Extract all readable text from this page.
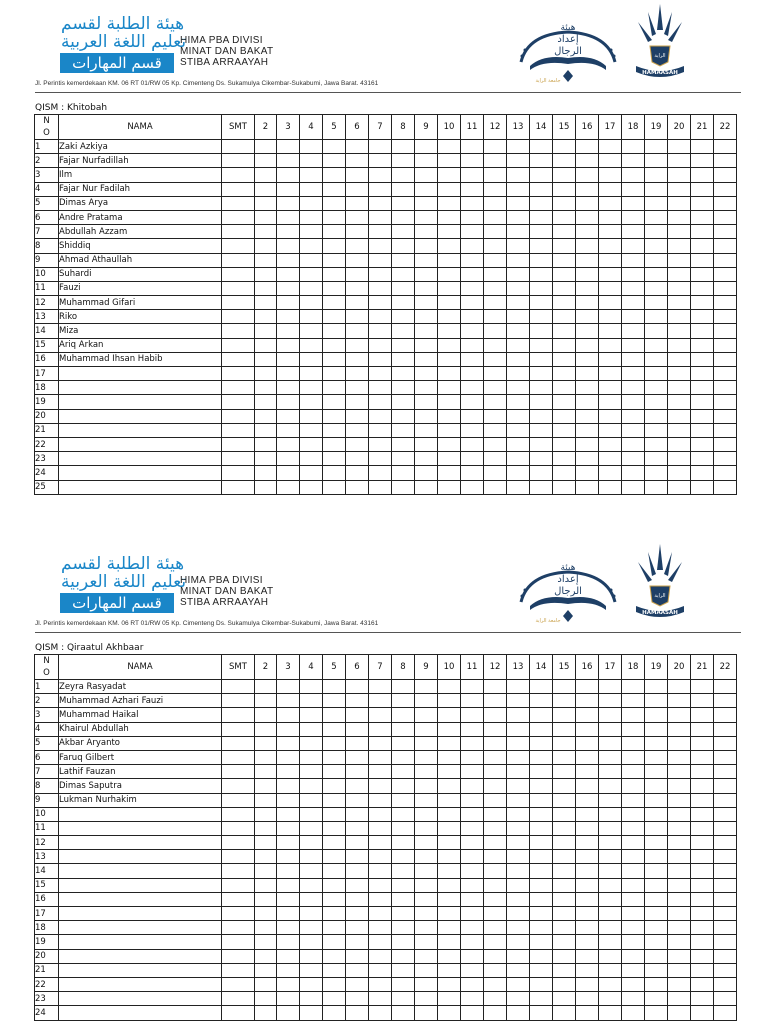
هيئة الطلبة لقسم
تعليم اللغة العربية
قسم المهارات
HIMA PBA DIVISI
MINAT DAN BAKAT
STIBA ARRAAYAH
Jl. Perintis kemerdekaan KM. 06 RT 01/RW 05 Kp. Cimenteng Ds. Sukamulya Cikembar-Sukabumi, Jawa Barat. 43161
هيئة
إعداد
الرجال
جامعة الراية
الراية
HAMAASAH
QISM : Khitobah
N O	NAMA	SMT	2	3	4	5	6	7	8	9	10	11	12	13	14	15	16	17	18	19	20	21	22
1	Zaki Azkiya																						
2	Fajar Nurfadillah																						
3	Ilm																						
4	Fajar Nur Fadilah																						
5	Dimas Arya																						
6	Andre Pratama																						
7	Abdullah Azzam																						
8	Shiddiq																						
9	Ahmad Athaullah																						
10	Suhardi																						
11	Fauzi																						
12	Muhammad Gifari																						
13	Riko																						
14	Miza																						
15	Ariq Arkan																						
16	Muhammad Ihsan Habib																						
17																							
18																							
19																							
20																							
21																							
22																							
23																							
24																							
25																							
هيئة الطلبة لقسم
تعليم اللغة العربية
قسم المهارات
HIMA PBA DIVISI
MINAT DAN BAKAT
STIBA ARRAAYAH
Jl. Perintis kemerdekaan KM. 06 RT 01/RW 05 Kp. Cimenteng Ds. Sukamulya Cikembar-Sukabumi, Jawa Barat. 43161
هيئة
إعداد
الرجال
جامعة الراية
الراية
HAMAASAH
QISM : Qiraatul Akhbaar
N O	NAMA	SMT	2	3	4	5	6	7	8	9	10	11	12	13	14	15	16	17	18	19	20	21	22
1	Zeyra Rasyadat																						
2	Muhammad Azhari Fauzi																						
3	Muhammad Haikal																						
4	Khairul Abdullah																						
5	Akbar Aryanto																						
6	Faruq Gilbert																						
7	Lathif Fauzan																						
8	Dimas Saputra																						
9	Lukman Nurhakim																						
10																							
11																							
12																							
13																							
14																							
15																							
16																							
17																							
18																							
19																							
20																							
21																							
22																							
23																							
24																							
